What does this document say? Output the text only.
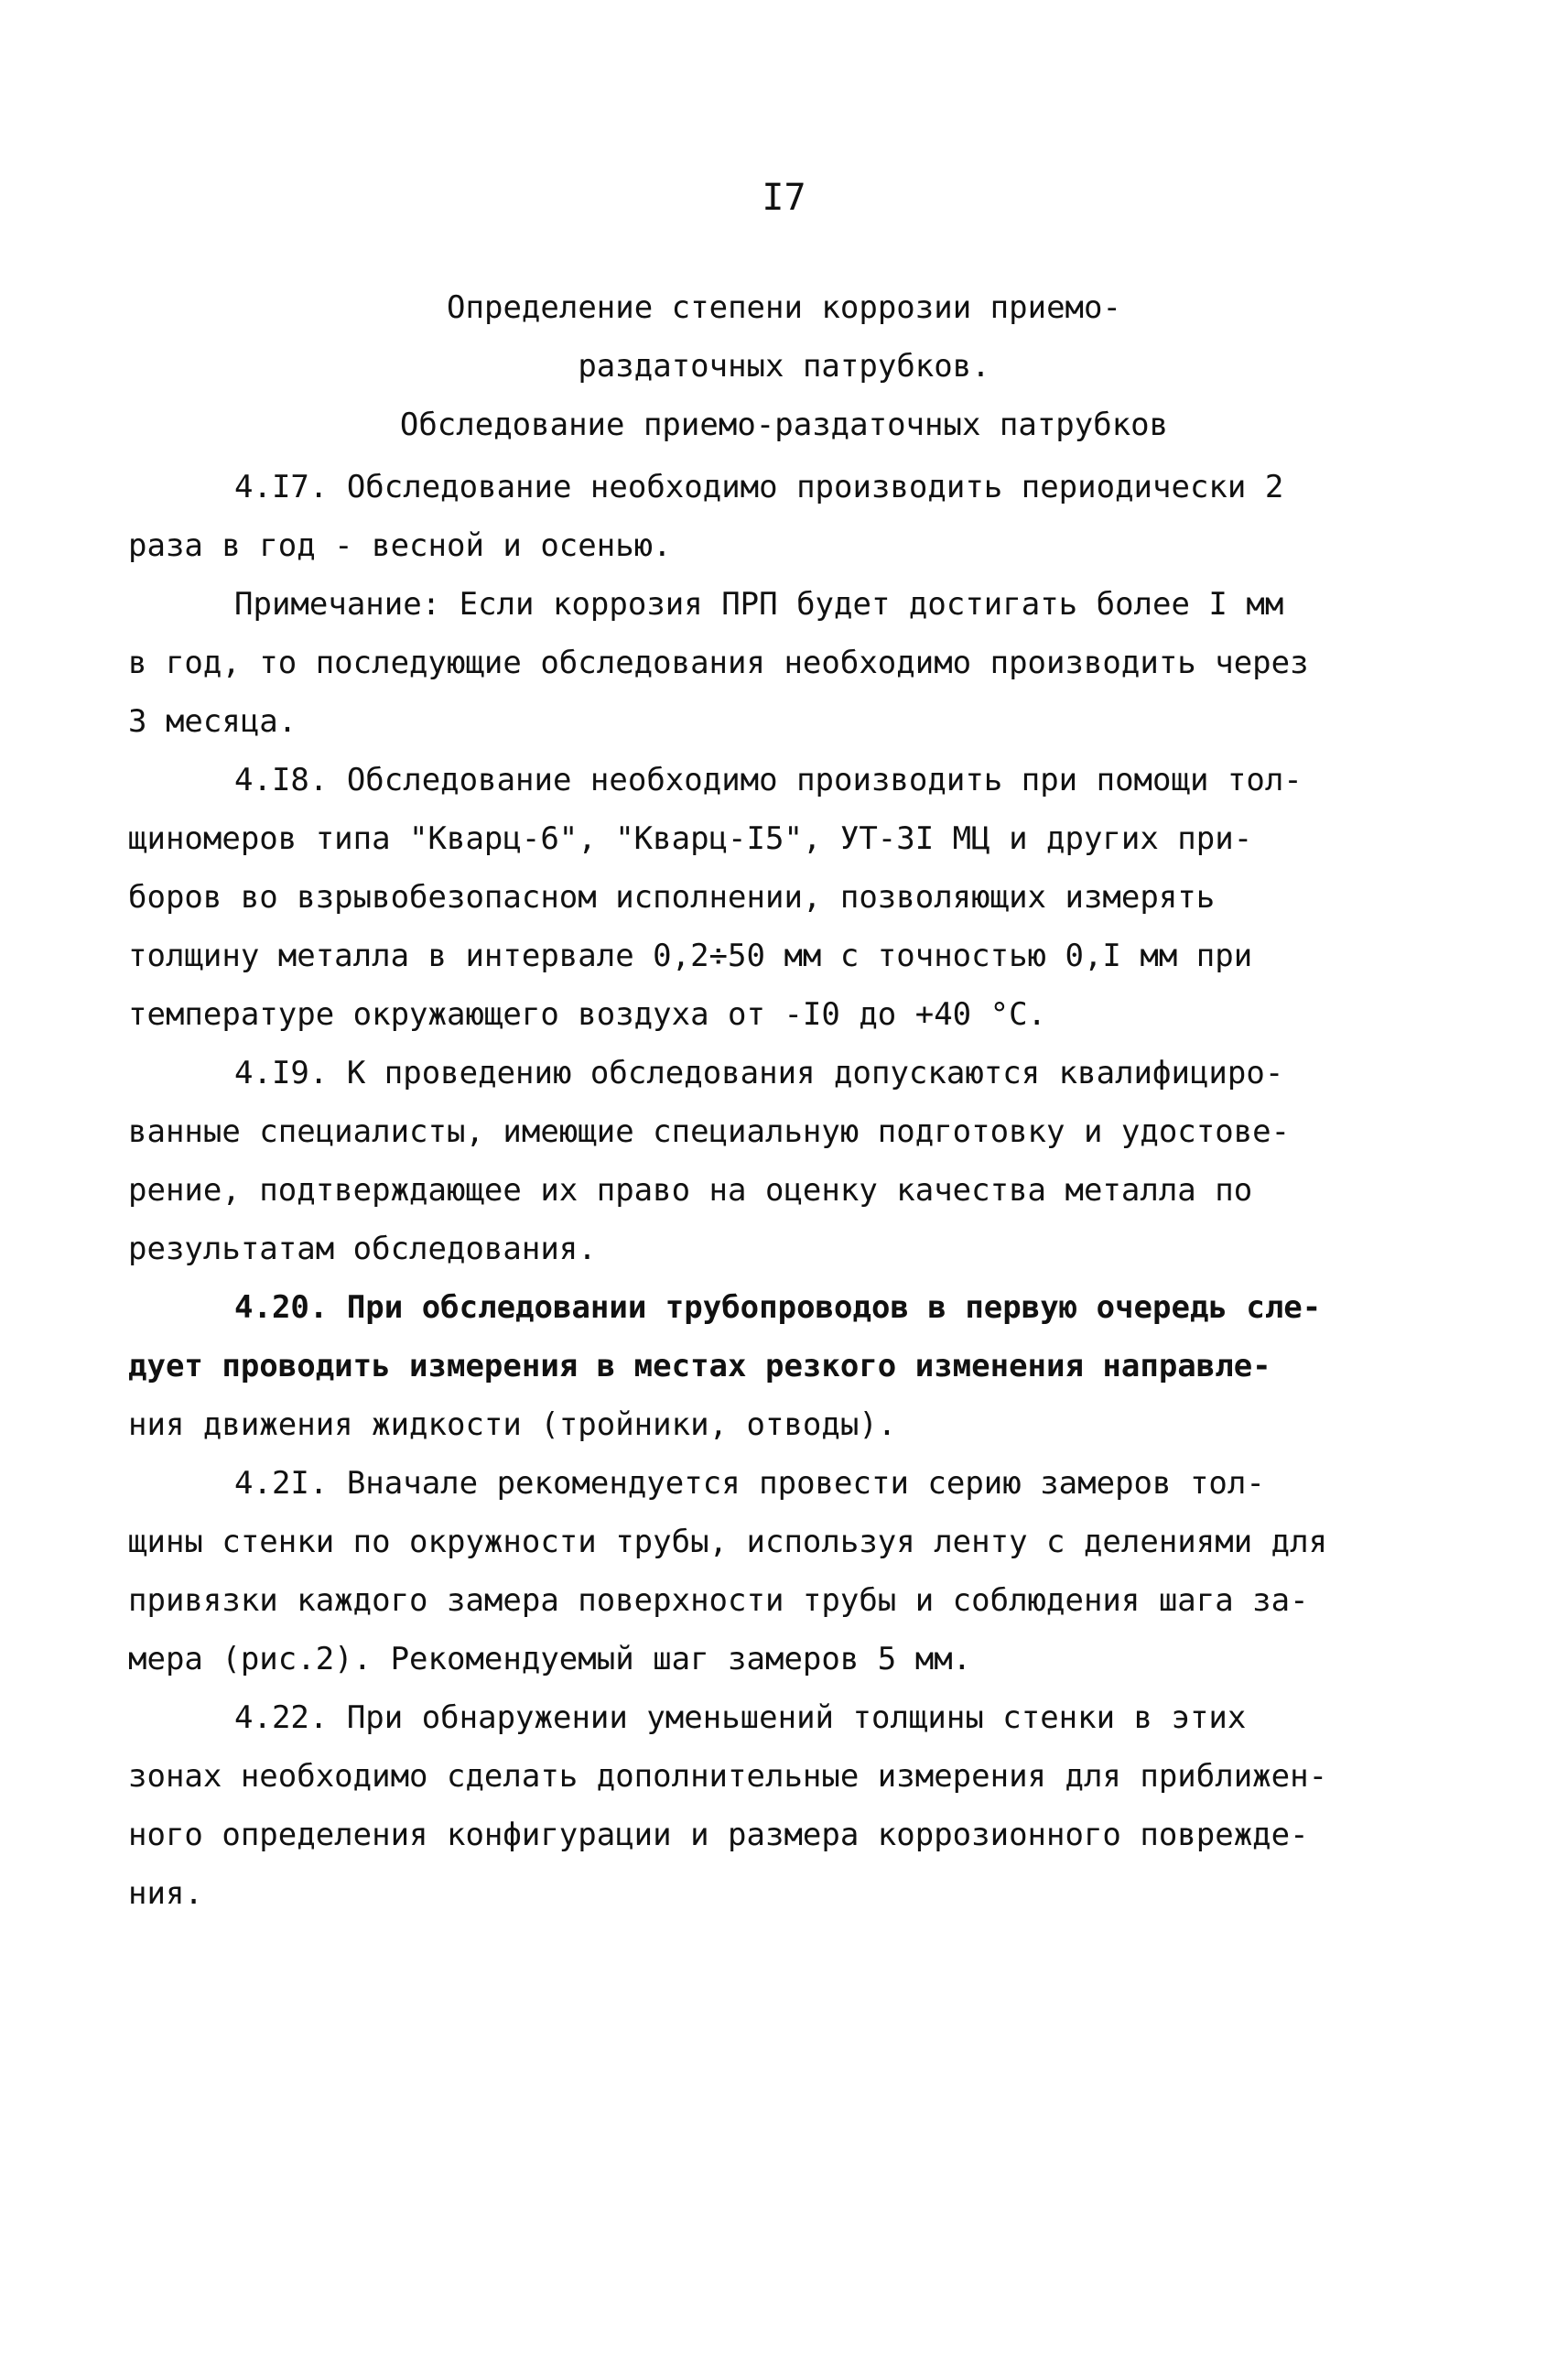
I7
Определение степени коррозии приемо-
раздаточных патрубков.
Обследование приемо-раздаточных патрубков
4.I7. Обследование необходимо производить периодически 2
раза в год - весной и осенью.
Примечание: Если коррозия ПРП будет достигать более I мм
в год, то последующие обследования необходимо производить через
3 месяца.
4.I8. Обследование необходимо производить при помощи тол-
щиномеров типа "Кварц-6", "Кварц-I5", УТ-3I МЦ и других при-
боров во взрывобезопасном исполнении, позволяющих измерять
толщину металла в интервале 0,2÷50 мм с точностью 0,I мм при
температуре окружающего воздуха от -I0 до +40 °С.
4.I9. К проведению обследования допускаются квалифициро-
ванные специалисты, имеющие специальную подготовку и удостове-
рение, подтверждающее их право на оценку качества металла по
результатам обследования.
4.20. При обследовании трубопроводов в первую очередь сле-
дует проводить измерения в местах резкого изменения направле-
ния движения жидкости (тройники, отводы).
4.2I. Вначале рекомендуется провести серию замеров тол-
щины стенки по окружности трубы, используя ленту с делениями для
привязки каждого замера поверхности трубы и соблюдения шага за-
мера (рис.2). Рекомендуемый шаг замеров 5 мм.
4.22. При обнаружении уменьшений толщины стенки в этих
зонах необходимо сделать дополнительные измерения для приближен-
ного определения конфигурации и размера коррозионного поврежде-
ния.
